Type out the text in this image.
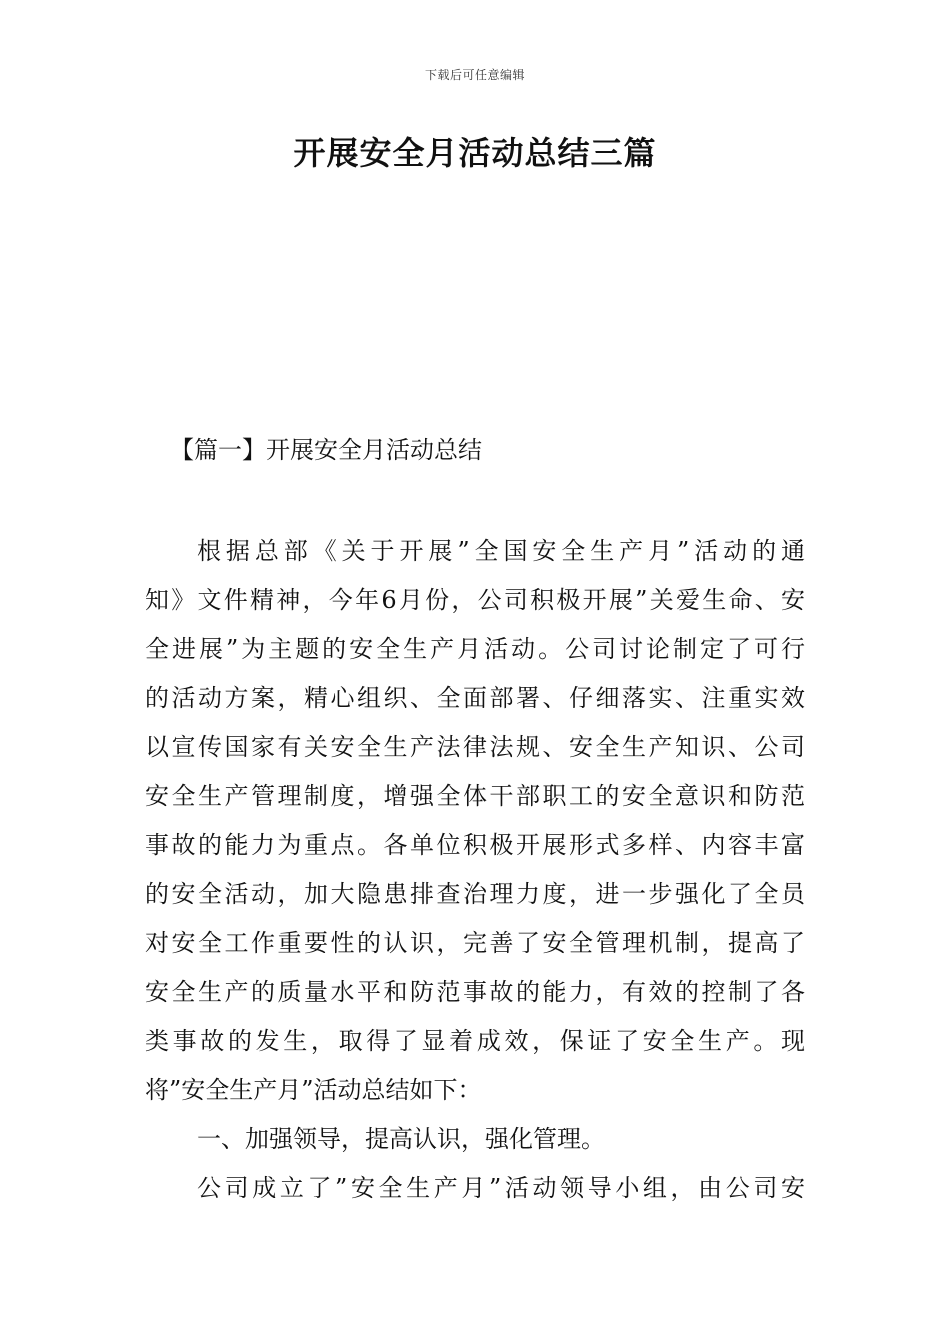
下载后可任意编辑
开展安全月活动总结三篇
【篇一】开展安全月活动总结
根据总部《关于开展”全国安全生产月”活动的通
知》文件精神，今年6月份，公司积极开展”关爱生命、安
全进展”为主题的安全生产月活动。公司讨论制定了可行
的活动方案，精心组织、全面部署、仔细落实、注重实效
以宣传国家有关安全生产法律法规、安全生产知识、公司
安全生产管理制度，增强全体干部职工的安全意识和防范
事故的能力为重点。各单位积极开展形式多样、内容丰富
的安全活动，加大隐患排查治理力度，进一步强化了全员
对安全工作重要性的认识，完善了安全管理机制，提高了
安全生产的质量水平和防范事故的能力，有效的控制了各
类事故的发生，取得了显着成效，保证了安全生产。现
将”安全生产月”活动总结如下：
一、加强领导，提高认识，强化管理。
公司成立了”安全生产月”活动领导小组，由公司安
